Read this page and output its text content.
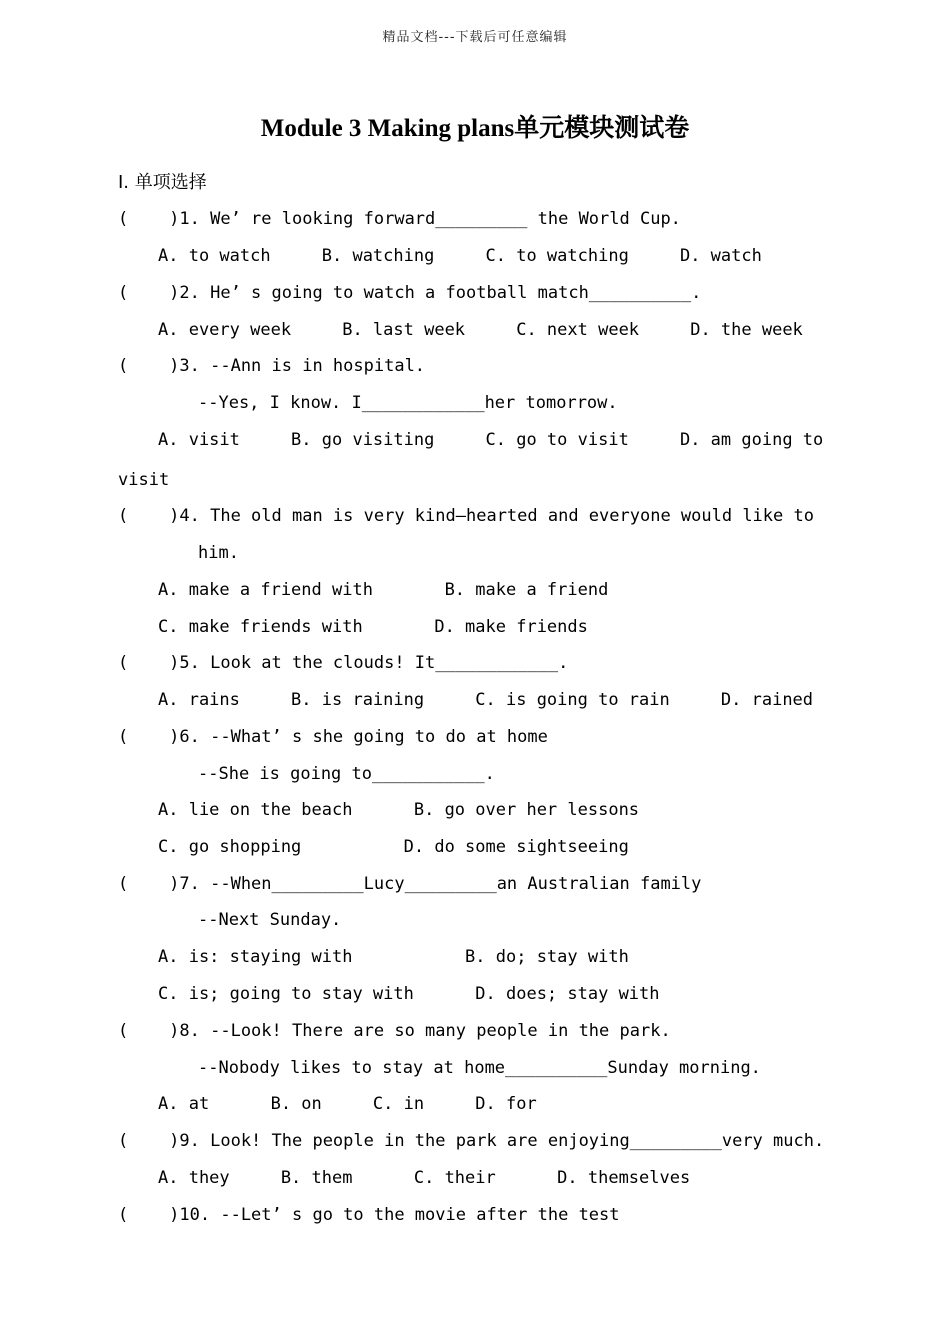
精品文档---下载后可任意编辑
Module 3 Making plans单元模块测试卷
Ⅰ. 单项选择
(    )1. We’ re looking forward_________ the World Cup.
A. to watch     B. watching     C. to watching     D. watch
(    )2. He’ s going to watch a football match__________.
A. every week     B. last week     C. next week     D. the week
(    )3. --Ann is in hospital.
--Yes, I know. I____________her tomorrow.
A. visit     B. go visiting     C. go to visit     D. am going to
visit
(    )4. The old man is very kind—hearted and everyone would like to
him.
A. make a friend with       B. make a friend
C. make friends with       D. make friends
(    )5. Look at the clouds! It____________.
A. rains     B. is raining     C. is going to rain     D. rained
(    )6. --What’ s she going to do at home
--She is going to___________.
A. lie on the beach      B. go over her lessons
C. go shopping          D. do some sightseeing
(    )7. --When_________Lucy_________an Australian family
--Next Sunday.
A. is: staying with           B. do; stay with
C. is; going to stay with      D. does; stay with
(    )8. --Look! There are so many people in the park.
--Nobody likes to stay at home__________Sunday morning.
A. at      B. on     C. in     D. for
(    )9. Look! The people in the park are enjoying_________very much.
A. they     B. them      C. their      D. themselves
(    )10. --Let’ s go to the movie after the test
